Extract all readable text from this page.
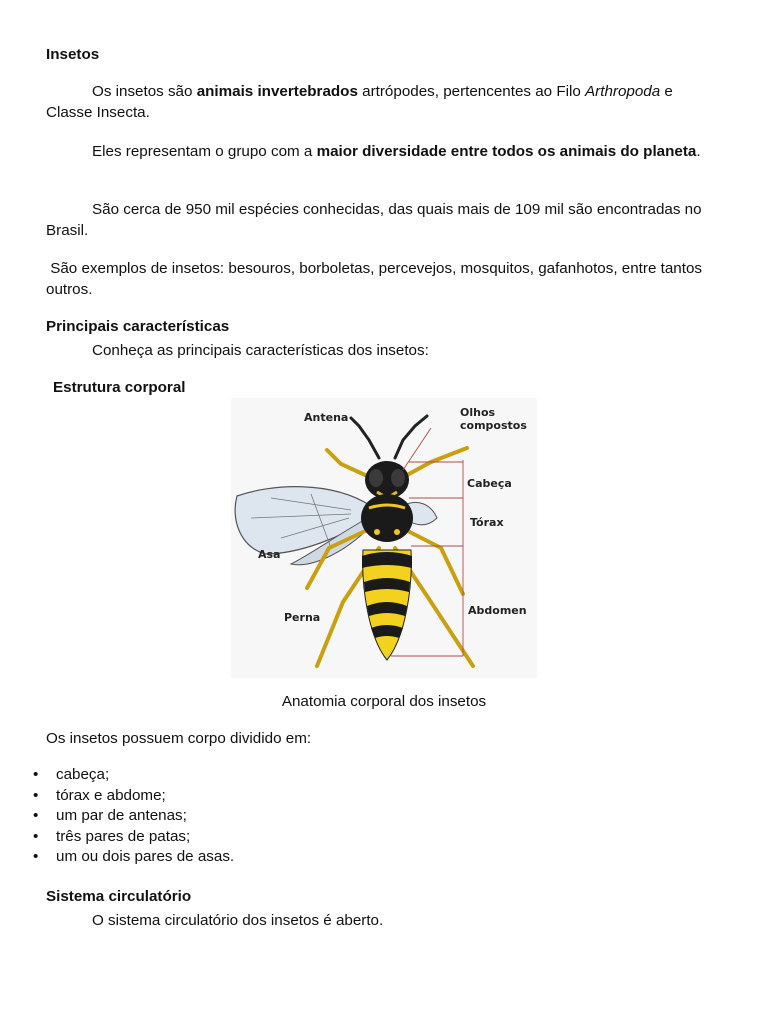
Insetos

Os insetos são animais invertebrados artrópodes, pertencentes ao Filo Arthropoda e Classe Insecta.

Eles representam o grupo com a maior diversidade entre todos os animais do planeta.

São cerca de 950 mil espécies conhecidas, das quais mais de 109 mil são encontradas no Brasil.

São exemplos de insetos: besouros, borboletas, percevejos, mosquitos, gafanhotos, entre tantos outros.

Principais características

Conheça as principais características dos insetos:

Estrutura corporal

Antena	Olhos
compostos
Cabeça
Tórax
Asa
Perna
Abdomen
Anatomia corporal dos insetos

Os insetos possuem corpo dividido em:

• cabeça;
• tórax e abdome;
• um par de antenas;
• três pares de patas;
• um ou dois pares de asas.

Sistema circulatório

O sistema circulatório dos insetos é aberto.
